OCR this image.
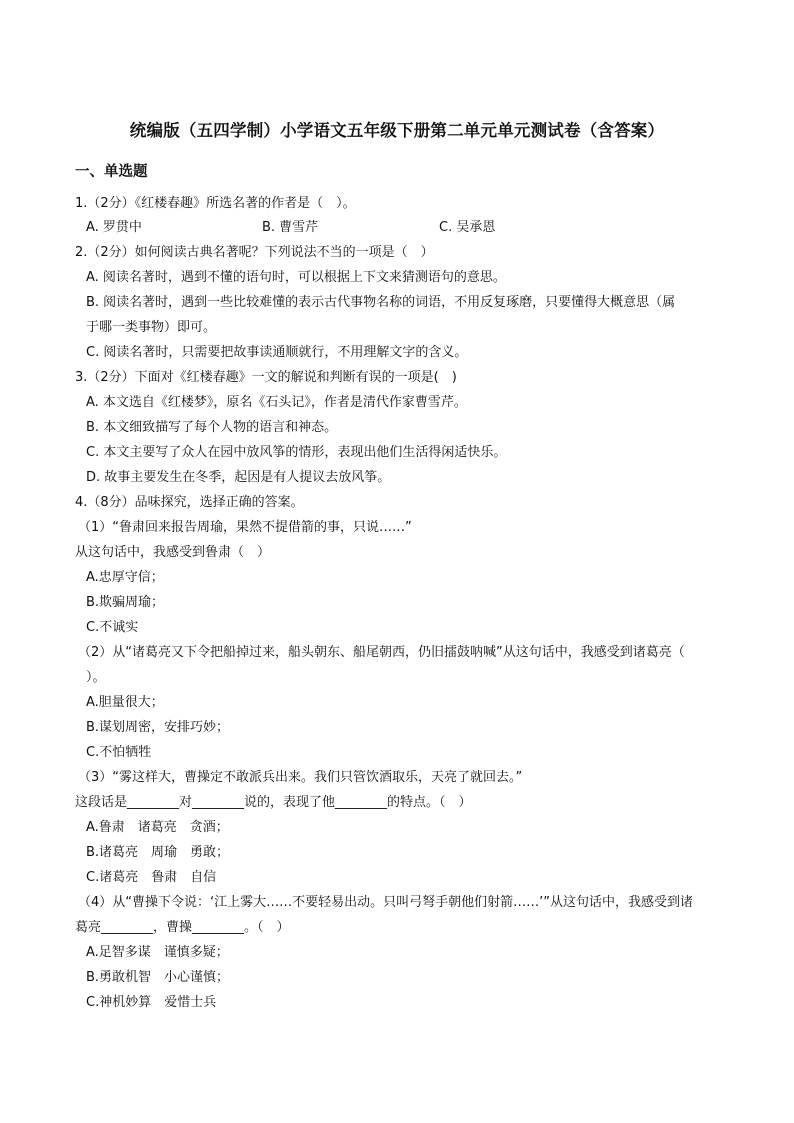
统编版（五四学制）小学语文五年级下册第二单元单元测试卷（含答案）
一、单选题
1.（2分）《红楼春趣》所选名著的作者是（　）。
A. 罗贯中	B. 曹雪芹	C. 吴承恩
2.（2分）如何阅读古典名著呢？下列说法不当的一项是（　）
A. 阅读名著时，遇到不懂的语句时，可以根据上下文来猜测语句的意思。
B. 阅读名著时，遇到一些比较难懂的表示古代事物名称的词语，不用反复琢磨，只要懂得大概意思（属
于哪一类事物）即可。
C. 阅读名著时，只需要把故事读通顺就行，不用理解文字的含义。
3.（2分）下面对《红楼春趣》一文的解说和判断有误的一项是(　)
A. 本文选自《红楼梦》，原名《石头记》，作者是清代作家曹雪芹。
B. 本文细致描写了每个人物的语言和神态。
C. 本文主要写了众人在园中放风筝的情形，表现出他们生活得闲适快乐。
D. 故事主要发生在冬季，起因是有人提议去放风筝。
4.（8分）品味探究，选择正确的答案。
（1）“鲁肃回来报告周瑜，果然不提借箭的事，只说……”
从这句话中，我感受到鲁肃（　）
A.忠厚守信；
B.欺骗周瑜；
C.不诚实
（2）从“诸葛亮又下令把船掉过来，船头朝东、船尾朝西，仍旧擂鼓呐喊”从这句话中，我感受到诸葛亮（
）。
A.胆量很大；
B.谋划周密，安排巧妙；
C.不怕牺牲
（3）“雾这样大，曹操定不敢派兵出来。我们只管饮酒取乐，天亮了就回去。”
这段话是________对________说的，表现了他________的特点。（　）
A.鲁肃　诸葛亮　贪酒；
B.诸葛亮　周瑜　勇敢；
C.诸葛亮　鲁肃　自信
（4）从“曹操下令说：‘江上雾大……不要轻易出动。只叫弓弩手朝他们射箭……’”从这句话中，我感受到诸
葛亮________，曹操________。（　）
A.足智多谋　谨慎多疑；
B.勇敢机智　小心谨慎；
C.神机妙算　爱惜士兵
